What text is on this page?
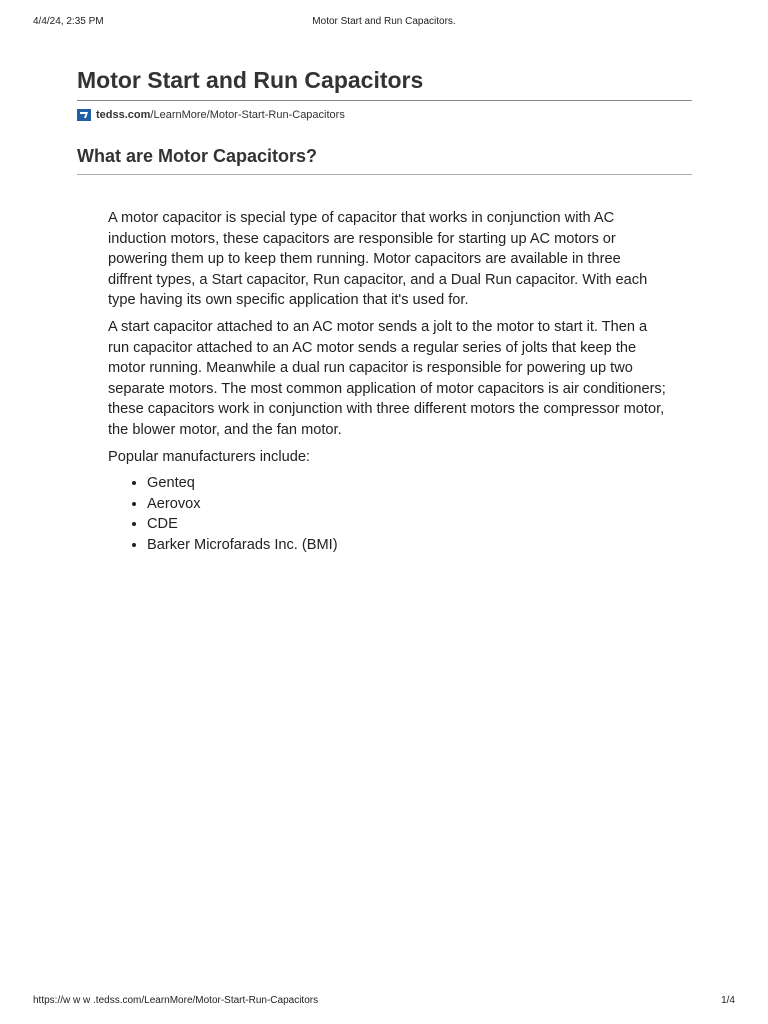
4/4/24, 2:35 PM	Motor Start and Run Capacitors.
Motor Start and Run Capacitors
tedss.com /LearnMore/Motor-Start-Run-Capacitors
What are Motor Capacitors?

A motor capacitor is special type of capacitor that works in conjunction with AC induction motors, these capacitors are responsible for starting up AC motors or powering them up to keep them running. Motor capacitors are available in three diffrent types, a Start capacitor, Run capacitor, and a Dual Run capacitor. With each type having its own specific application that it's used for.

A start capacitor attached to an AC motor sends a jolt to the motor to start it. Then a run capacitor attached to an AC motor sends a regular series of jolts that keep the motor running. Meanwhile a dual run capacitor is responsible for powering up two separate motors. The most common application of motor capacitors is air conditioners; these capacitors work in conjunction with three different motors the compressor motor, the blower motor, and the fan motor.

Popular manufacturers include:

• Genteq
• Aerovox
• CDE
• Barker Microfarads Inc. (BMI)
https://w w w .tedss.com/LearnMore/Motor-Start-Run-Capacitors	1/4
